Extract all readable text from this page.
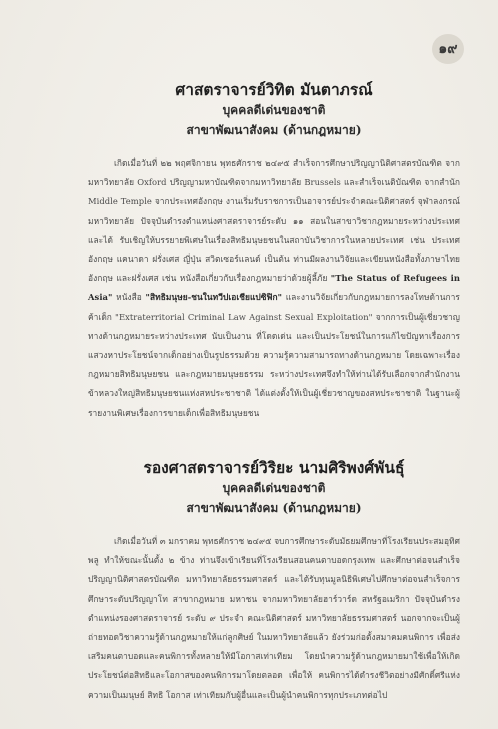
๑๙

ศาสตราจารย์วิทิต มันตาภรณ์

บุคคลดีเด่นของชาติ

สาขาพัฒนาสังคม (ด้านกฎหมาย)

เกิดเมื่อวันที่ ๒๒ พฤศจิกายน พุทธศักราช ๒๔๙๕ สำเร็จการศึกษาปริญญานิติศาสตรบัณฑิต จาก มหาวิทยาลัย Oxford ปริญญามหาบัณฑิตจากมหาวิทยาลัย Brussels และสำเร็จเนติบัณฑิต จากสำนัก Middle Temple จากประเทศอังกฤษ งานเริ่มรับราชการเป็นอาจารย์ประจำคณะนิติศาสตร์ จุฬาลงกรณ์ มหาวิทยาลัย ปัจจุบันดำรงตำแหน่งศาสตราจารย์ระดับ ๑๑ สอนในสาขาวิชากฎหมายระหว่างประเทศ และได้ รับเชิญให้บรรยายพิเศษในเรื่องสิทธิมนุษยชนในสถาบันวิชาการในหลายประเทศ เช่น ประเทศอังกฤษ แคนาดา ฝรั่งเศส ญี่ปุ่น สวิตเซอร์แลนด์ เป็นต้น ท่านมีผลงานวิจัยและเขียนหนังสือทั้งภาษาไทย อังกฤษ และฝรั่งเศส เช่น หนังสือเกี่ยวกับเรื่องกฎหมายว่าด้วยผู้ลี้ภัย "The Status of Refugees in Asia" หนังสือ "สิทธิมนุษย-ชนในทวีปเอเชียแปซิฟิก" และงานวิจัยเกี่ยวกับกฎหมายการลงโทษด้านการค้าเด็ก "Extraterritorial Criminal Law Against Sexual Exploitation" จากการเป็นผู้เชี่ยวชาญทางด้านกฎหมายระหว่างประเทศ นับเป็นงาน ที่โดดเด่น และเป็นประโยชน์ในการแก้ไขปัญหาเรื่องการแสวงหาประโยชน์จากเด็กอย่างเป็นรูปธรรมด้วย ความรู้ความสามารถทางด้านกฎหมาย โดยเฉพาะเรื่องกฎหมายสิทธิมนุษยชน และกฎหมายมนุษยธรรม ระหว่างประเทศจึงทำให้ท่านได้รับเลือกจากสำนักงานข้าหลวงใหญ่สิทธิมนุษยชนแห่งสหประชาชาติ ได้แต่งตั้งให้เป็นผู้เชี่ยวชาญของสหประชาชาติ ในฐานะผู้รายงานพิเศษเรื่องการขายเด็กเพื่อสิทธิมนุษยชน

รองศาสตราจารย์วิริยะ นามศิริพงศ์พันธุ์

บุคคลดีเด่นของชาติ

สาขาพัฒนาสังคม (ด้านกฎหมาย)

เกิดเมื่อวันที่ ๓ มกราคม พุทธศักราช ๒๔๙๕ จบการศึกษาระดับมัธยมศึกษาที่โรงเรียนประสมอุทิศพลู ทำให้ขณะนั้นตั้ง ๒ ข้าง ท่านจึงเข้าเรียนที่โรงเรียนสอนคนตาบอดกรุงเทพ และศึกษาต่อจนสำเร็จปริญญานิติศาสตรบัณฑิต มหาวิทยาลัยธรรมศาสตร์ และได้รับทุนมูลนิธิพิเศษไปศึกษาต่อจนสำเร็จการศึกษาระดับปริญญาโท สาขากฎหมาย มหาชน จากมหาวิทยาลัยฮาร์วาร์ด สหรัฐอเมริกา ปัจจุบันดำรงตำแหน่งรองศาสตราจารย์ ระดับ ๙ ประจำ คณะนิติศาสตร์ มหาวิทยาลัยธรรมศาสตร์ นอกจากจะเป็นผู้ถ่ายทอดวิชาความรู้ด้านกฎหมายให้แก่ลูกศิษย์ ในมหาวิทยาลัยแล้ว ยังร่วมก่อตั้งสมาคมคนพิการ เพื่อส่งเสริมคนตาบอดและคนพิการทั้งหลายให้มีโอกาสเท่าเทียม โดยนำความรู้ด้านกฎหมายมาใช้เพื่อให้เกิดประโยชน์ต่อสิทธิและโอกาสของคนพิการมาโดยตลอด เพื่อให้ คนพิการได้ดำรงชีวิตอย่างมีศักดิ์ศรีแห่งความเป็นมนุษย์ สิทธิ โอกาส เท่าเทียมกับผู้อื่นและเป็นผู้นำคนพิการทุกประเภทต่อไป
